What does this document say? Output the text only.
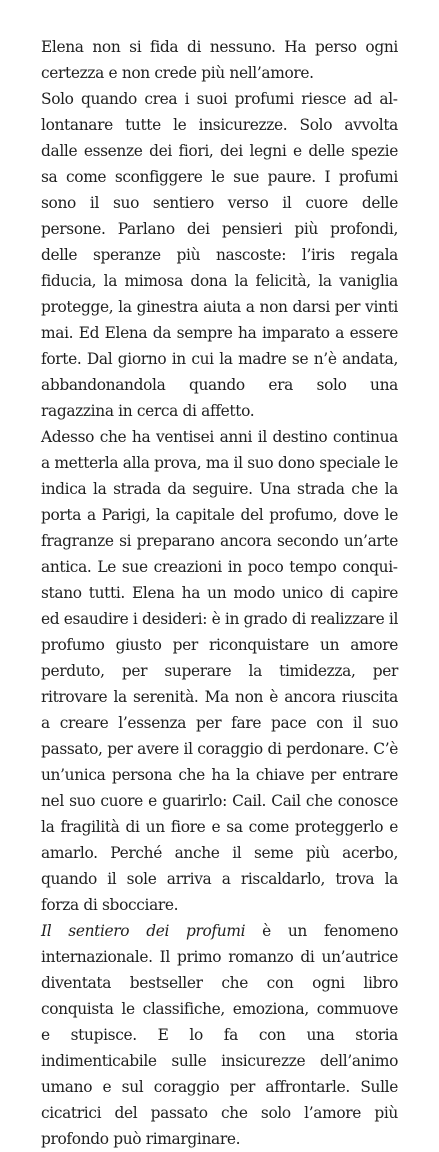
Elena non si fida di nessuno. Ha perso ogni certezza e non crede più nell’amore.

Solo quando crea i suoi profumi riesce ad allontanare tutte le insicurezze. Solo avvolta dalle essenze dei fiori, dei legni e delle spezie sa come sconfiggere le sue paure. I profumi sono il suo sentiero verso il cuore delle persone. Parlano dei pensieri più profondi, delle speranze più nascoste: l’iris regala fiducia, la mimosa dona la felicità, la vaniglia protegge, la ginestra aiuta a non darsi per vinti mai. Ed Elena da sempre ha imparato a essere forte. Dal giorno in cui la madre se n’è andata, abbandonandola quando era solo una ragazzina in cerca di affetto.

Adesso che ha ventisei anni il destino continua a metterla alla prova, ma il suo dono speciale le indica la strada da seguire. Una strada che la porta a Parigi, la capitale del profumo, dove le fragranze si preparano ancora secondo un’arte antica. Le sue creazioni in poco tempo conquistano tutti. Elena ha un modo unico di capire ed esaudire i desideri: è in grado di realizzare il profumo giusto per riconquistare un amore perduto, per superare la timidezza, per ritrovare la serenità. Ma non è ancora riuscita a creare l’essenza per fare pace con il suo passato, per avere il coraggio di perdonare. C’è un’unica persona che ha la chiave per entrare nel suo cuore e guarirlo: Cail. Cail che conosce la fragilità di un fiore e sa come proteggerlo e amarlo. Perché anche il seme più acerbo, quando il sole arriva a riscaldarlo, trova la forza di sbocciare.

Il sentiero dei profumi è un fenomeno internazionale. Il primo romanzo di un’autrice diventata bestseller che con ogni libro conquista le classifiche, emoziona, commuove e stupisce. E lo fa con una storia indimenticabile sulle insicurezze dell’animo umano e sul coraggio per affrontarle. Sulle cicatrici del passato che solo l’amore più profondo può rimarginare.
